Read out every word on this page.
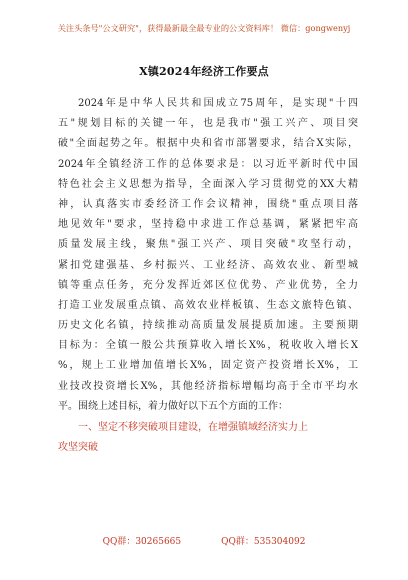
关注头条号"公文研究"，获得最新最全最专业的公文资料库！ 微信：gongwenyj
X镇2024年经济工作要点
2024年是中华人民共和国成立75周年，是实现"十四
五"规划目标的关键一年，也是我市"强工兴产、项目突
破"全面起势之年。根据中央和省市部署要求，结合X实际，
2024年全镇经济工作的总体要求是：以习近平新时代中国
特色社会主义思想为指导，全面深入学习贯彻党的XX大精
神，认真落实市委经济工作会议精神，围绕"重点项目落
地见效年"要求，坚持稳中求进工作总基调，紧紧把牢高
质量发展主线，聚焦"强工兴产、项目突破"攻坚行动，
紧扣党建强基、乡村振兴、工业经济、高效农业、新型城
镇等重点任务，充分发挥近郊区位优势、产业优势，全力
打造工业发展重点镇、高效农业样板镇、生态文旅特色镇、
历史文化名镇，持续推动高质量发展提质加速。主要预期
目标为：全镇一般公共预算收入增长X%，税收收入增长X
%，规上工业增加值增长X%，固定资产投资增长X%，工
业技改投资增长X%，其他经济指标增幅均高于全市平均水
平。围绕上述目标，着力做好以下五个方面的工作：
一、坚定不移突破项目建设，在增强镇域经济实力上
攻坚突破
QQ群：30265665	QQ群：535304092
